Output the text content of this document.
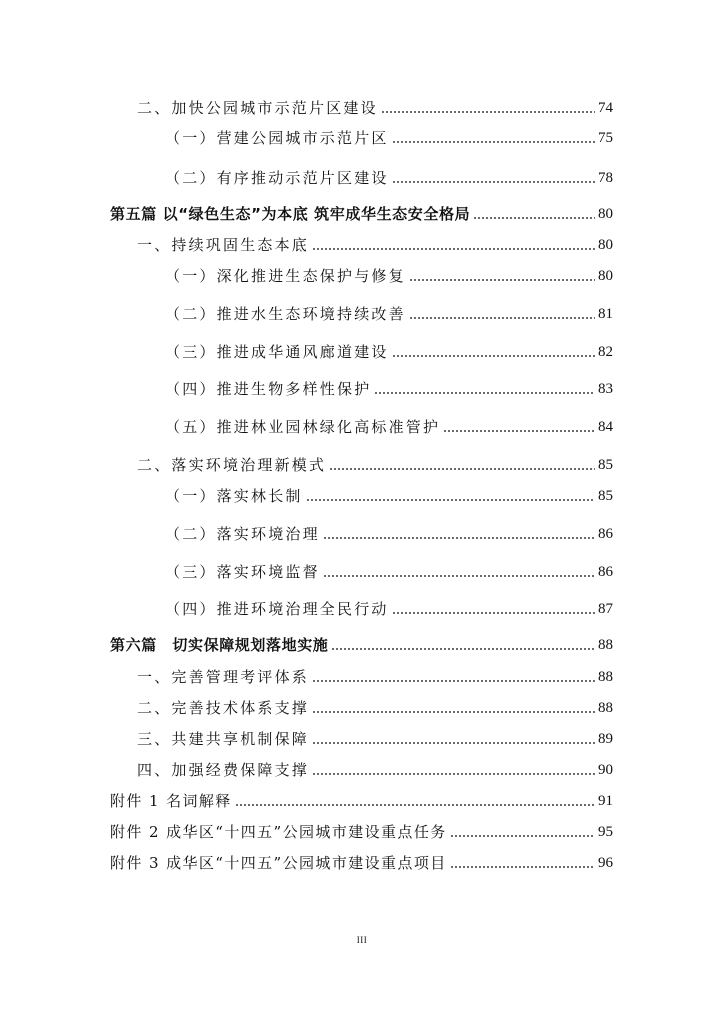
二、加快公园城市示范片区建设	74
（一）营建公园城市示范片区	75
（二）有序推动示范片区建设	78
第五篇 以“绿色生态”为本底 筑牢成华生态安全格局	80
一、持续巩固生态本底	80
（一）深化推进生态保护与修复	80
（二）推进水生态环境持续改善	81
（三）推进成华通风廊道建设	82
（四）推进生物多样性保护	83
（五）推进林业园林绿化高标准管护	84
二、落实环境治理新模式	85
（一）落实林长制	85
（二）落实环境治理	86
（三）落实环境监督	86
（四）推进环境治理全民行动	87
第六篇　切实保障规划落地实施	88
一、完善管理考评体系	88
二、完善技术体系支撑	88
三、共建共享机制保障	89
四、加强经费保障支撑	90
附件 1 名词解释	91
附件 2 成华区“十四五”公园城市建设重点任务	95
附件 3 成华区“十四五”公园城市建设重点项目	96
III
